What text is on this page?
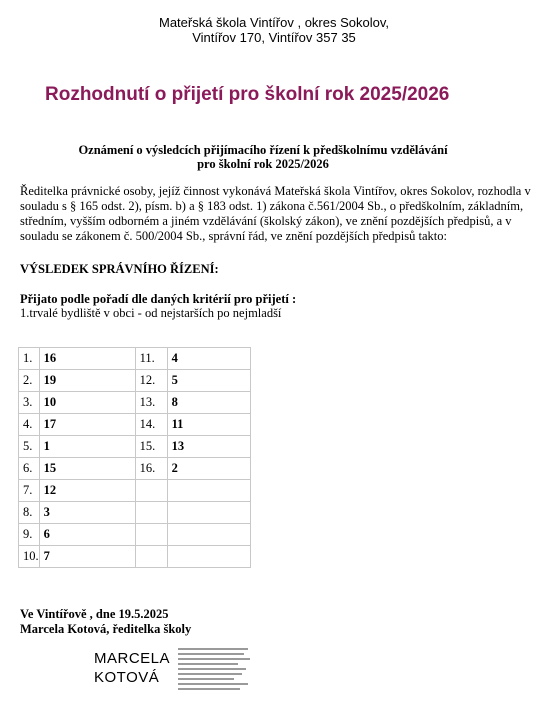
Mateřská škola Vintířov , okres Sokolov,
Vintířov 170, Vintířov 357 35
Rozhodnutí o přijetí pro školní rok 2025/2026
Oznámení o výsledcích přijímacího řízení k předškolnímu vzdělávání
pro školní rok 2025/2026
Ředitelka právnické osoby, jejíž činnost vykonává Mateřská škola Vintířov, okres Sokolov, rozhodla v souladu s § 165 odst. 2), písm. b) a § 183 odst. 1) zákona č.561/2004 Sb., o předškolním, základním, středním, vyšším odborném a jiném vzdělávání (školský zákon), ve znění pozdějších předpisů, a v souladu se zákonem č. 500/2004 Sb., správní řád, ve znění pozdějších předpisů takto:
VÝSLEDEK SPRÁVNÍHO ŘÍZENÍ:
Přijato podle pořadí dle daných kritérií pro přijetí :
1.trvalé bydliště v obci - od nejstarších po nejmladší
1.	16	11.	4
2.	19	12.	5
3.	10	13.	8
4.	17	14.	11
5.	1	15.	13
6.	15	16.	2
7.	12		
8.	3		
9.	6		
10.	7		
Ve Vintířově , dne 19.5.2025
Marcela Kotová, ředitelka školy
MARCELA
KOTOVÁ
